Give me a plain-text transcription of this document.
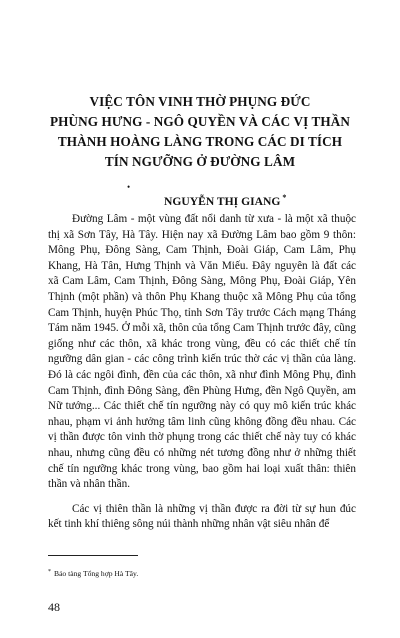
VIỆC TÔN VINH THỜ PHỤNG ĐỨC
PHÙNG HƯNG - NGÔ QUYỀN VÀ CÁC VỊ THẦN
THÀNH HOÀNG LÀNG TRONG CÁC DI TÍCH
TÍN NGƯỠNG Ở ĐƯỜNG LÂM
•

NGUYỄN THỊ GIANG *

Đường Lâm - một vùng đất nổi danh từ xưa - là một xã thuộc thị xã Sơn Tây, Hà Tây. Hiện nay xã Đường Lâm bao gồm 9 thôn: Mông Phụ, Đông Sàng, Cam Thịnh, Đoài Giáp, Cam Lâm, Phụ Khang, Hà Tân, Hưng Thịnh và Văn Miếu. Đây nguyên là đất các xã Cam Lâm, Cam Thịnh, Đông Sàng, Mông Phụ, Đoài Giáp, Yên Thịnh (một phần) và thôn Phụ Khang thuộc xã Mông Phụ của tổng Cam Thịnh, huyện Phúc Thọ, tỉnh Sơn Tây trước Cách mạng Tháng Tám năm 1945. Ở mỗi xã, thôn của tổng Cam Thịnh trước đây, cũng giống như các thôn, xã khác trong vùng, đều có các thiết chế tín ngưỡng dân gian - các công trình kiến trúc thờ các vị thần của làng. Đó là các ngôi đình, đền của các thôn, xã như đình Mông Phụ, đình Cam Thịnh, đình Đông Sàng, đền Phùng Hưng, đền Ngô Quyền, am Nữ tướng... Các thiết chế tín ngưỡng này có quy mô kiến trúc khác nhau, phạm vi ảnh hưởng tâm linh cũng không đồng đều nhau. Các vị thần được tôn vinh thờ phụng trong các thiết chế này tuy có khác nhau, nhưng cũng đều có những nét tương đồng như ở những thiết chế tín ngưỡng khác trong vùng, bao gồm hai loại xuất thân: thiên thần và nhân thần.

Các vị thiên thần là những vị thần được ra đời từ sự hun đúc kết tinh khí thiêng sông núi thành những nhân vật siêu nhân để

* Bảo tàng Tổng hợp Hà Tây.

48
